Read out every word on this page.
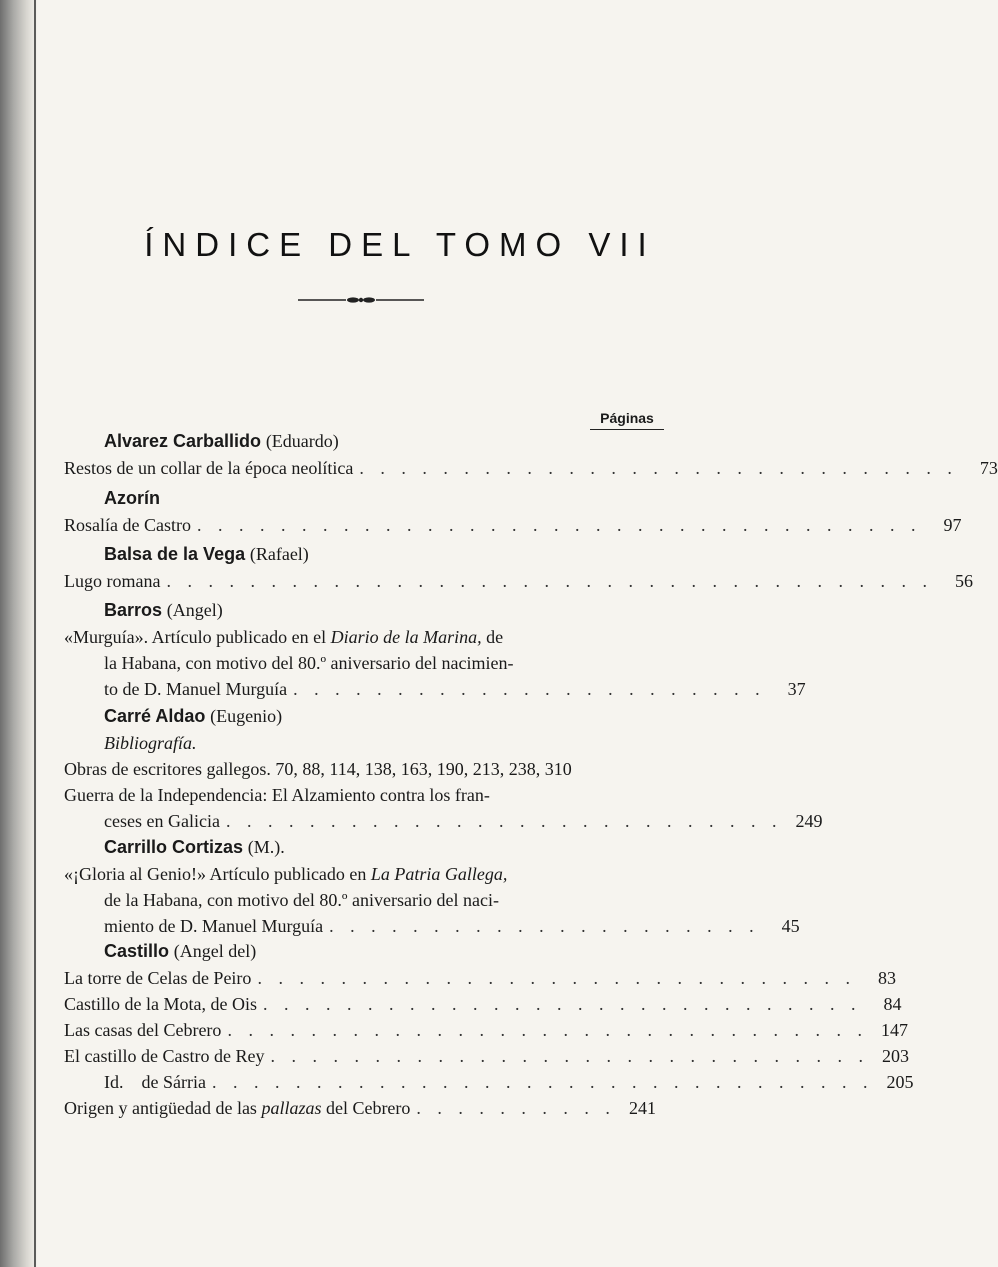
ÍNDICE DEL TOMO VII
Páginas
Alvarez Carballido (Eduardo)
Restos de un collar de la época neolítica . . . . . . . . . . . . . . . . . . . . . . . . . . . . .	73
Azorín
Rosalía de Castro . . . . . . . . . . . . . . . . . . . . . . . . . . . . . . . . . . .	97
Balsa de la Vega (Rafael)
Lugo romana . . . . . . . . . . . . . . . . . . . . . . . . . . . . . . . . . . . . .	56
Barros (Angel)
«Murguía». Artículo publicado en el Diario de la Marina, de
la Habana, con motivo del 80.º aniversario del nacimien-
to de D. Manuel Murguía . . . . . . . . . . . . . . . . . . . . . . .	37
Carré Aldao (Eugenio)
Bibliografía.
Obras de escritores gallegos. 70, 88, 114, 138, 163, 190, 213, 238, 310
Guerra de la Independencia: El Alzamiento contra los fran-
ceses en Galicia . . . . . . . . . . . . . . . . . . . . . . . . . . . 249
Carrillo Cortizas (M.).
«¡Gloria al Genio!» Artículo publicado en La Patria Gallega,
de la Habana, con motivo del 80.º aniversario del naci-
miento de D. Manuel Murguía . . . . . . . . . . . . . . . . . . . . .	45
Castillo (Angel del)
La torre de Celas de Peiro . . . . . . . . . . . . . . . . . . . . . . . . . . . . .	83
Castillo de la Mota, de Ois . . . . . . . . . . . . . . . . . . . . . . . . . . . . .	84
Las casas del Cebrero . . . . . . . . . . . . . . . . . . . . . . . . . . . . . . . 147
El castillo de Castro de Rey . . . . . . . . . . . . . . . . . . . . . . . . . . . . . 203
Id.    de Sárria . . . . . . . . . . . . . . . . . . . . . . . . . . . . . . . . 205
Origen y antigüedad de las pallazas del Cebrero . . . . . . . . . . 241
